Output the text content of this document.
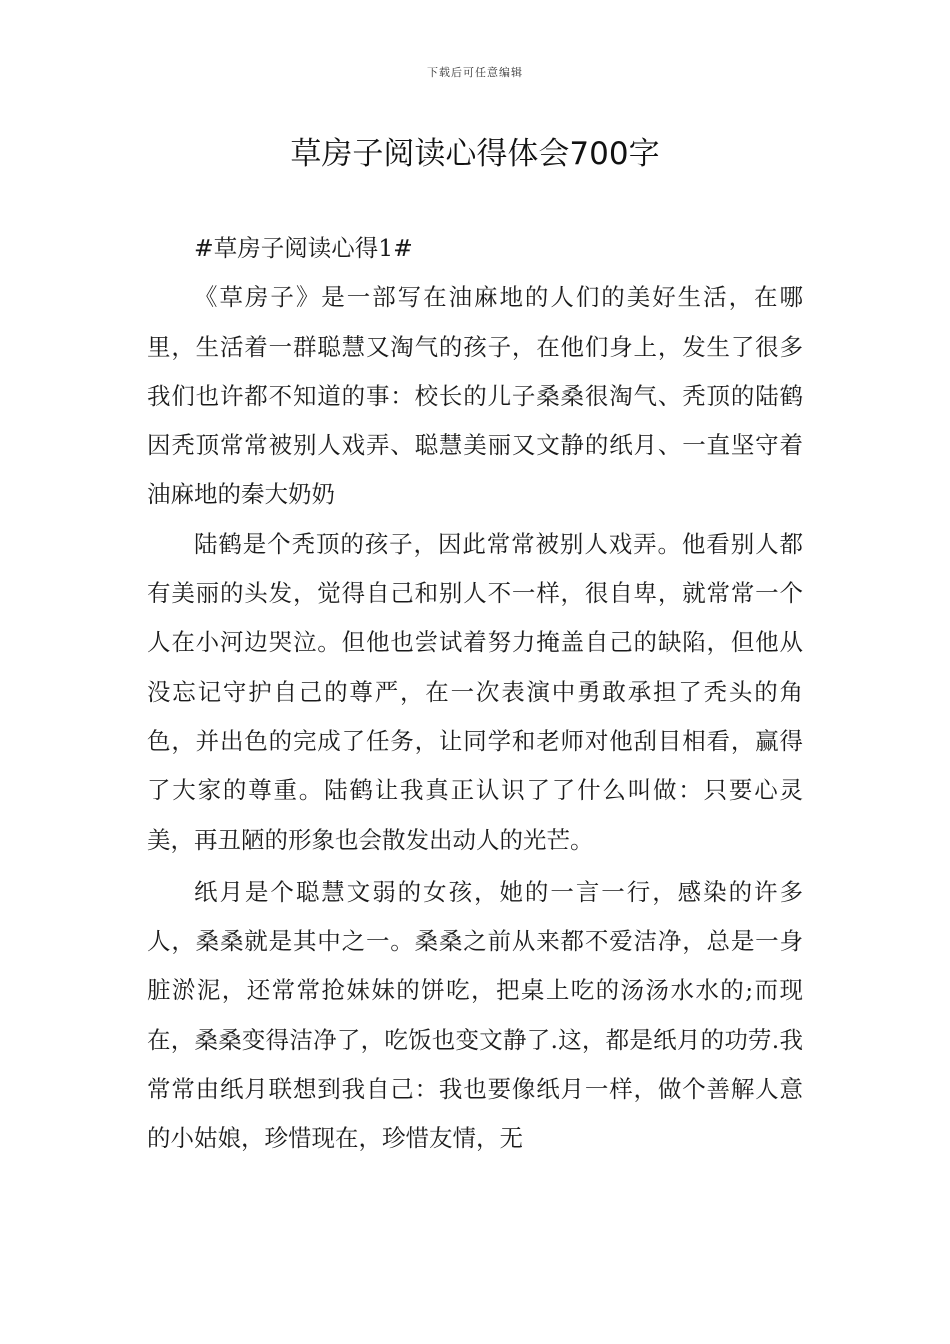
下载后可任意编辑
草房子阅读心得体会700字

#草房子阅读心得1#

《草房子》是一部写在油麻地的人们的美好生活，在哪里，生活着一群聪慧又淘气的孩子，在他们身上，发生了很多我们也许都不知道的事：校长的儿子桑桑很淘气、秃顶的陆鹤因秃顶常常被别人戏弄、聪慧美丽又文静的纸月、一直坚守着油麻地的秦大奶奶

陆鹤是个秃顶的孩子，因此常常被别人戏弄。他看别人都有美丽的头发，觉得自己和别人不一样，很自卑，就常常一个人在小河边哭泣。但他也尝试着努力掩盖自己的缺陷，但他从没忘记守护自己的尊严，在一次表演中勇敢承担了秃头的角色，并出色的完成了任务，让同学和老师对他刮目相看，赢得了大家的尊重。陆鹤让我真正认识了了什么叫做：只要心灵美，再丑陋的形象也会散发出动人的光芒。

纸月是个聪慧文弱的女孩，她的一言一行，感染的许多人，桑桑就是其中之一。桑桑之前从来都不爱洁净，总是一身脏淤泥，还常常抢妹妹的饼吃，把桌上吃的汤汤水水的;而现在，桑桑变得洁净了，吃饭也变文静了.这，都是纸月的功劳.我常常由纸月联想到我自己：我也要像纸月一样，做个善解人意的小姑娘，珍惜现在，珍惜友情，无
